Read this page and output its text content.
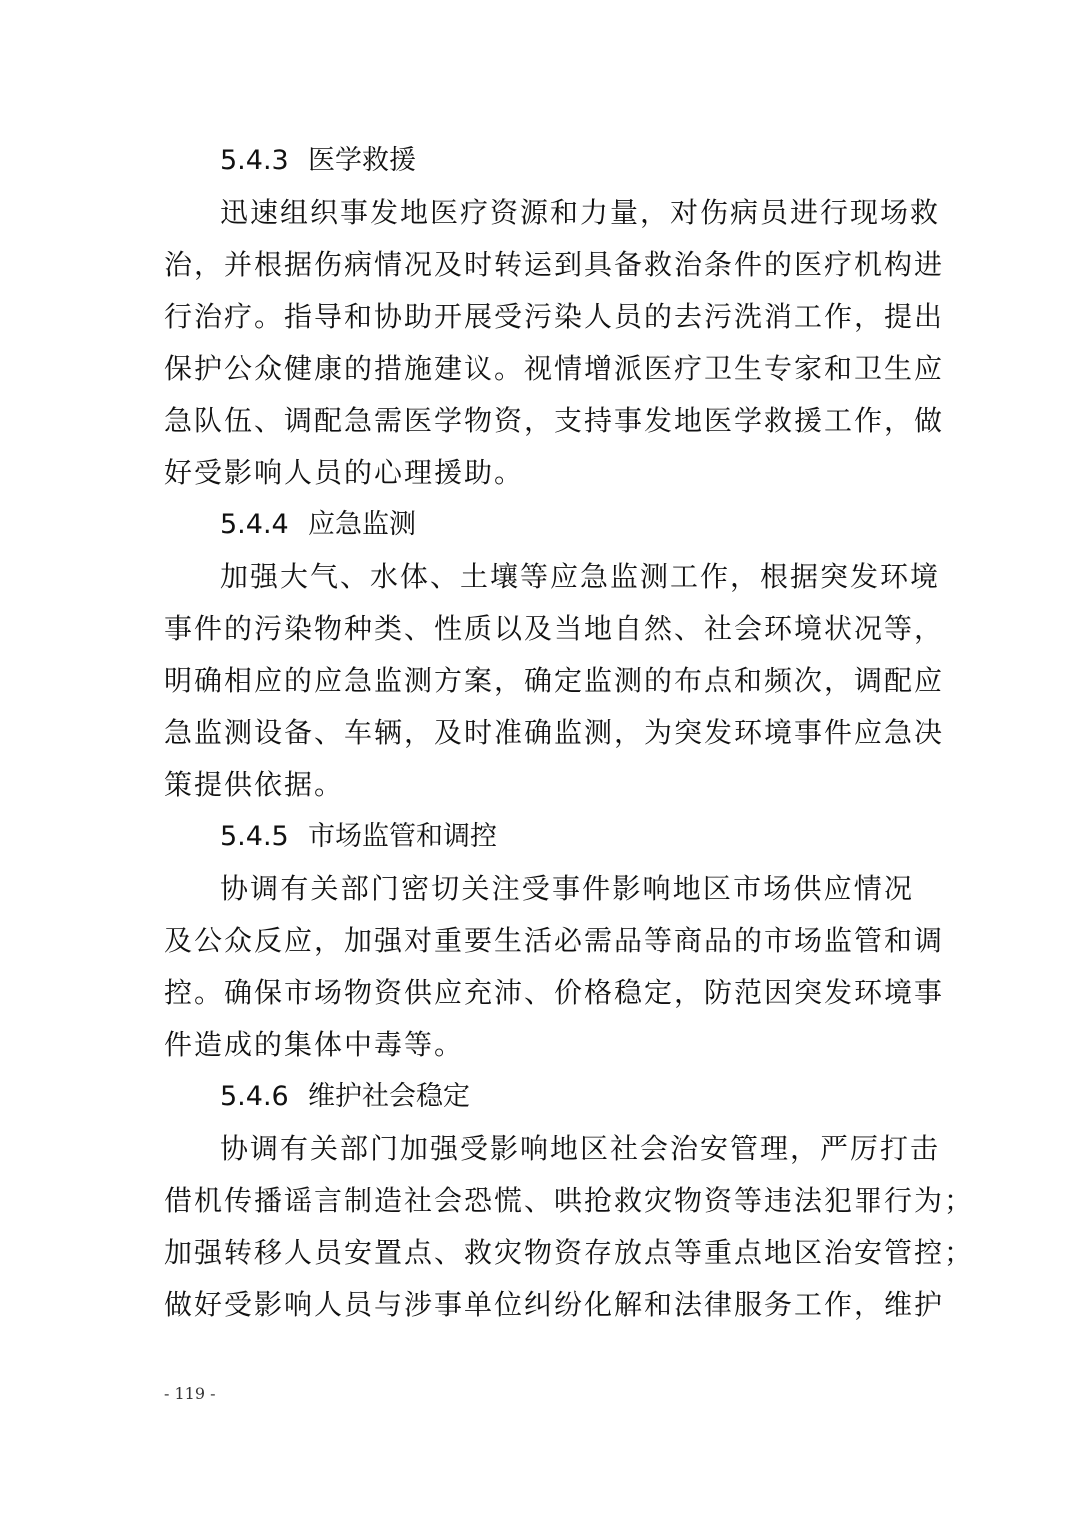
5.4.3 医学救援
迅速组织事发地医疗资源和力量，对伤病员进行现场救
治，并根据伤病情况及时转运到具备救治条件的医疗机构进
行治疗。指导和协助开展受污染人员的去污洗消工作，提出
保护公众健康的措施建议。视情增派医疗卫生专家和卫生应
急队伍、调配急需医学物资，支持事发地医学救援工作，做
好受影响人员的心理援助。
5.4.4 应急监测
加强大气、水体、土壤等应急监测工作，根据突发环境
事件的污染物种类、性质以及当地自然、社会环境状况等，
明确相应的应急监测方案，确定监测的布点和频次，调配应
急监测设备、车辆，及时准确监测，为突发环境事件应急决
策提供依据。
5.4.5 市场监管和调控
协调有关部门密切关注受事件影响地区市场供应情况
及公众反应，加强对重要生活必需品等商品的市场监管和调
控。确保市场物资供应充沛、价格稳定，防范因突发环境事
件造成的集体中毒等。
5.4.6 维护社会稳定
协调有关部门加强受影响地区社会治安管理，严厉打击
借机传播谣言制造社会恐慌、哄抢救灾物资等违法犯罪行为；
加强转移人员安置点、救灾物资存放点等重点地区治安管控；
做好受影响人员与涉事单位纠纷化解和法律服务工作，维护
- 119 -
